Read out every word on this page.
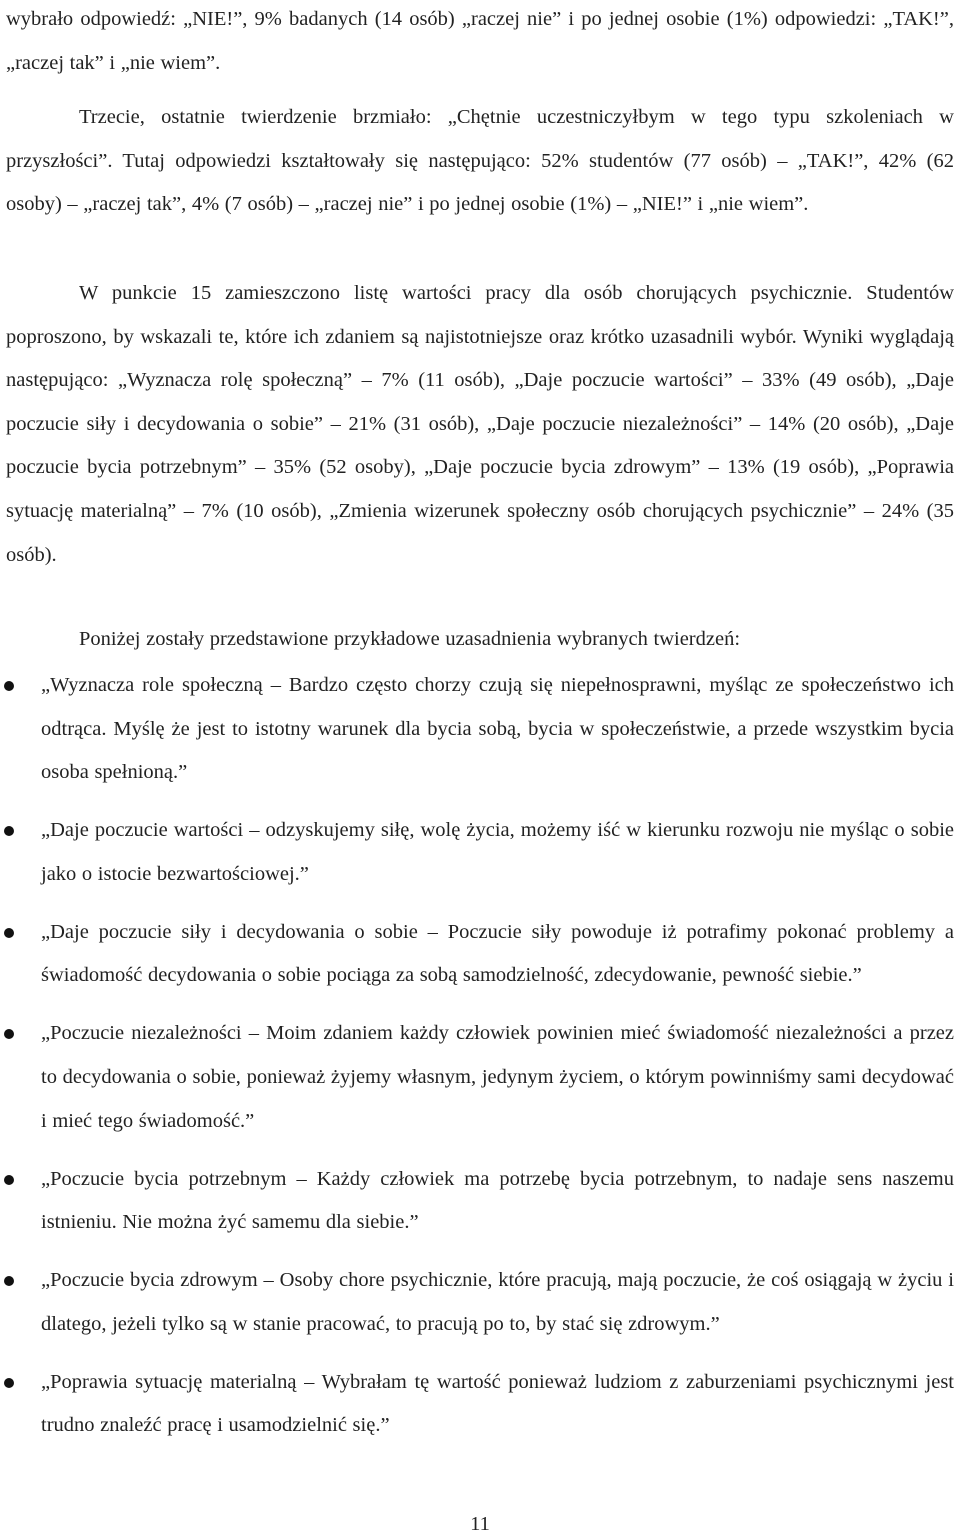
wybrało odpowiedź: „NIE!”, 9% badanych (14 osób) „raczej nie” i po jednej osobie (1%) odpowiedzi: „TAK!”, „raczej tak” i „nie wiem”.

Trzecie, ostatnie twierdzenie brzmiało: „Chętnie uczestniczyłbym w tego typu szkoleniach w przyszłości”. Tutaj odpowiedzi kształtowały się następująco: 52% studentów (77 osób) – „TAK!”, 42% (62 osoby) – „raczej tak”, 4% (7 osób) – „raczej nie” i po jednej osobie (1%) – „NIE!” i „nie wiem”.

W punkcie 15 zamieszczono listę wartości pracy dla osób chorujących psychicznie. Studentów poproszono, by wskazali te, które ich zdaniem są najistotniejsze oraz krótko uzasadnili wybór. Wyniki wyglądają następująco: „Wyznacza rolę społeczną” – 7% (11 osób), „Daje poczucie wartości” – 33% (49 osób), „Daje poczucie siły i decydowania o sobie” – 21% (31 osób), „Daje poczucie niezależności” – 14% (20 osób), „Daje poczucie bycia potrzebnym” – 35% (52 osoby), „Daje poczucie bycia zdrowym” – 13% (19 osób), „Poprawia sytuację materialną” – 7% (10 osób), „Zmienia wizerunek społeczny osób chorujących psychicznie” – 24% (35 osób).

Poniżej zostały przedstawione przykładowe uzasadnienia wybranych twierdzeń:

„Wyznacza role społeczną – Bardzo często chorzy czują się niepełnosprawni, myśląc ze społeczeństwo ich odtrąca. Myślę że jest to istotny warunek dla bycia sobą, bycia w społeczeństwie, a przede wszystkim bycia osoba spełnioną.”
„Daje poczucie wartości – odzyskujemy siłę, wolę życia, możemy iść w kierunku rozwoju nie myśląc o sobie jako o istocie bezwartościowej.”
„Daje poczucie siły i decydowania o sobie – Poczucie siły powoduje iż potrafimy pokonać problemy a świadomość decydowania o sobie pociąga za sobą samodzielność, zdecydowanie, pewność siebie.”
„Poczucie niezależności – Moim zdaniem każdy człowiek powinien mieć świadomość niezależności a przez to decydowania o sobie, ponieważ żyjemy własnym, jedynym życiem, o którym powinniśmy sami decydować i mieć tego świadomość.”
„Poczucie bycia potrzebnym – Każdy człowiek ma potrzebę bycia potrzebnym, to nadaje sens naszemu istnieniu. Nie można żyć samemu dla siebie.”
„Poczucie bycia zdrowym – Osoby chore psychicznie, które pracują, mają poczucie, że coś osiągają w życiu i dlatego, jeżeli tylko są w stanie pracować, to pracują po to, by stać się zdrowym.”
„Poprawia sytuację materialną – Wybrałam tę wartość ponieważ ludziom z zaburzeniami psychicznymi jest trudno znaleźć pracę i usamodzielnić się.”
11
